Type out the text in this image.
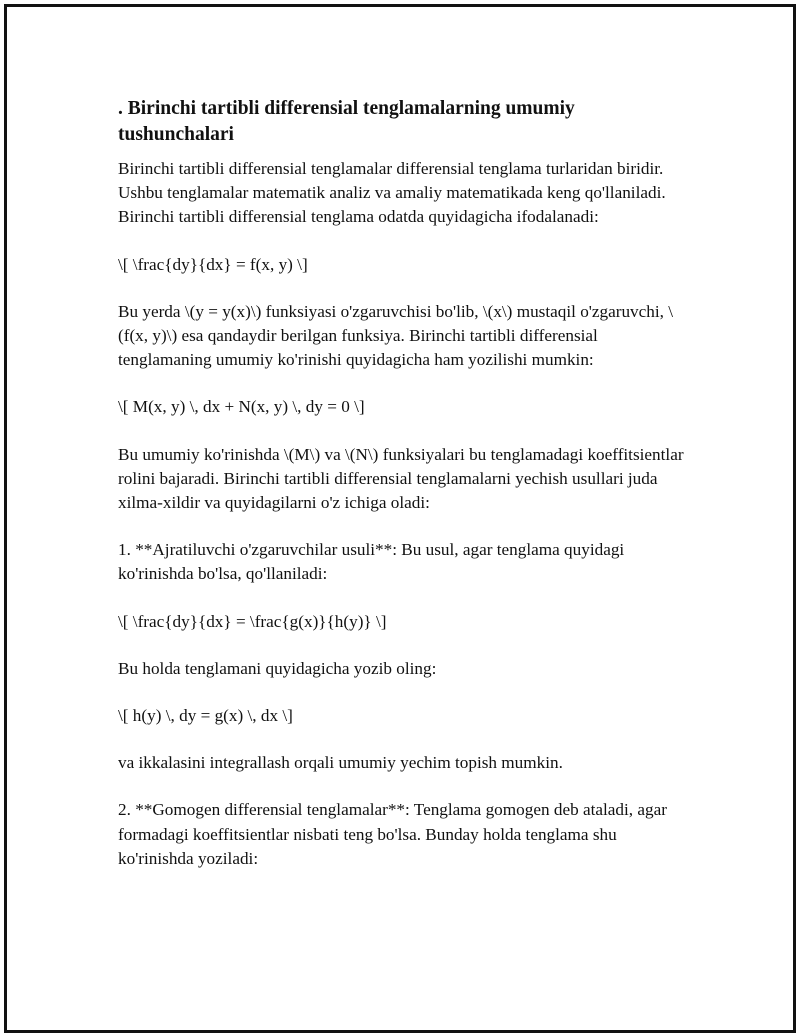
. Birinchi tartibli differensial tenglamalarning umumiy tushunchalari

Birinchi tartibli differensial tenglamalar differensial tenglama turlaridan biridir. Ushbu tenglamalar matematik analiz va amaliy matematikada keng qo'llaniladi. Birinchi tartibli differensial tenglama odatda quyidagicha ifodalanadi:

\[ \frac{dy}{dx} = f(x, y) \]

Bu yerda \(y = y(x)\) funksiyasi o'zgaruvchisi bo'lib, \(x\) mustaqil o'zgaruvchi, \(f(x, y)\) esa qandaydir berilgan funksiya. Birinchi tartibli differensial tenglamaning umumiy ko'rinishi quyidagicha ham yozilishi mumkin:

\[ M(x, y) \, dx + N(x, y) \, dy = 0 \]

Bu umumiy ko'rinishda \(M\) va \(N\) funksiyalari bu tenglamadagi koeffitsientlar rolini bajaradi. Birinchi tartibli differensial tenglamalarni yechish usullari juda xilma-xildir va quyidagilarni o'z ichiga oladi:

1. **Ajratiluvchi o'zgaruvchilar usuli**: Bu usul, agar tenglama quyidagi ko'rinishda bo'lsa, qo'llaniladi:

\[ \frac{dy}{dx} = \frac{g(x)}{h(y)} \]

Bu holda tenglamani quyidagicha yozib oling:

\[ h(y) \, dy = g(x) \, dx \]

va ikkalasini integrallash orqali umumiy yechim topish mumkin.

2. **Gomogen differensial tenglamalar**: Tenglama gomogen deb ataladi, agar formadagi koeffitsientlar nisbati teng bo'lsa. Bunday holda tenglama shu ko'rinishda yoziladi:
